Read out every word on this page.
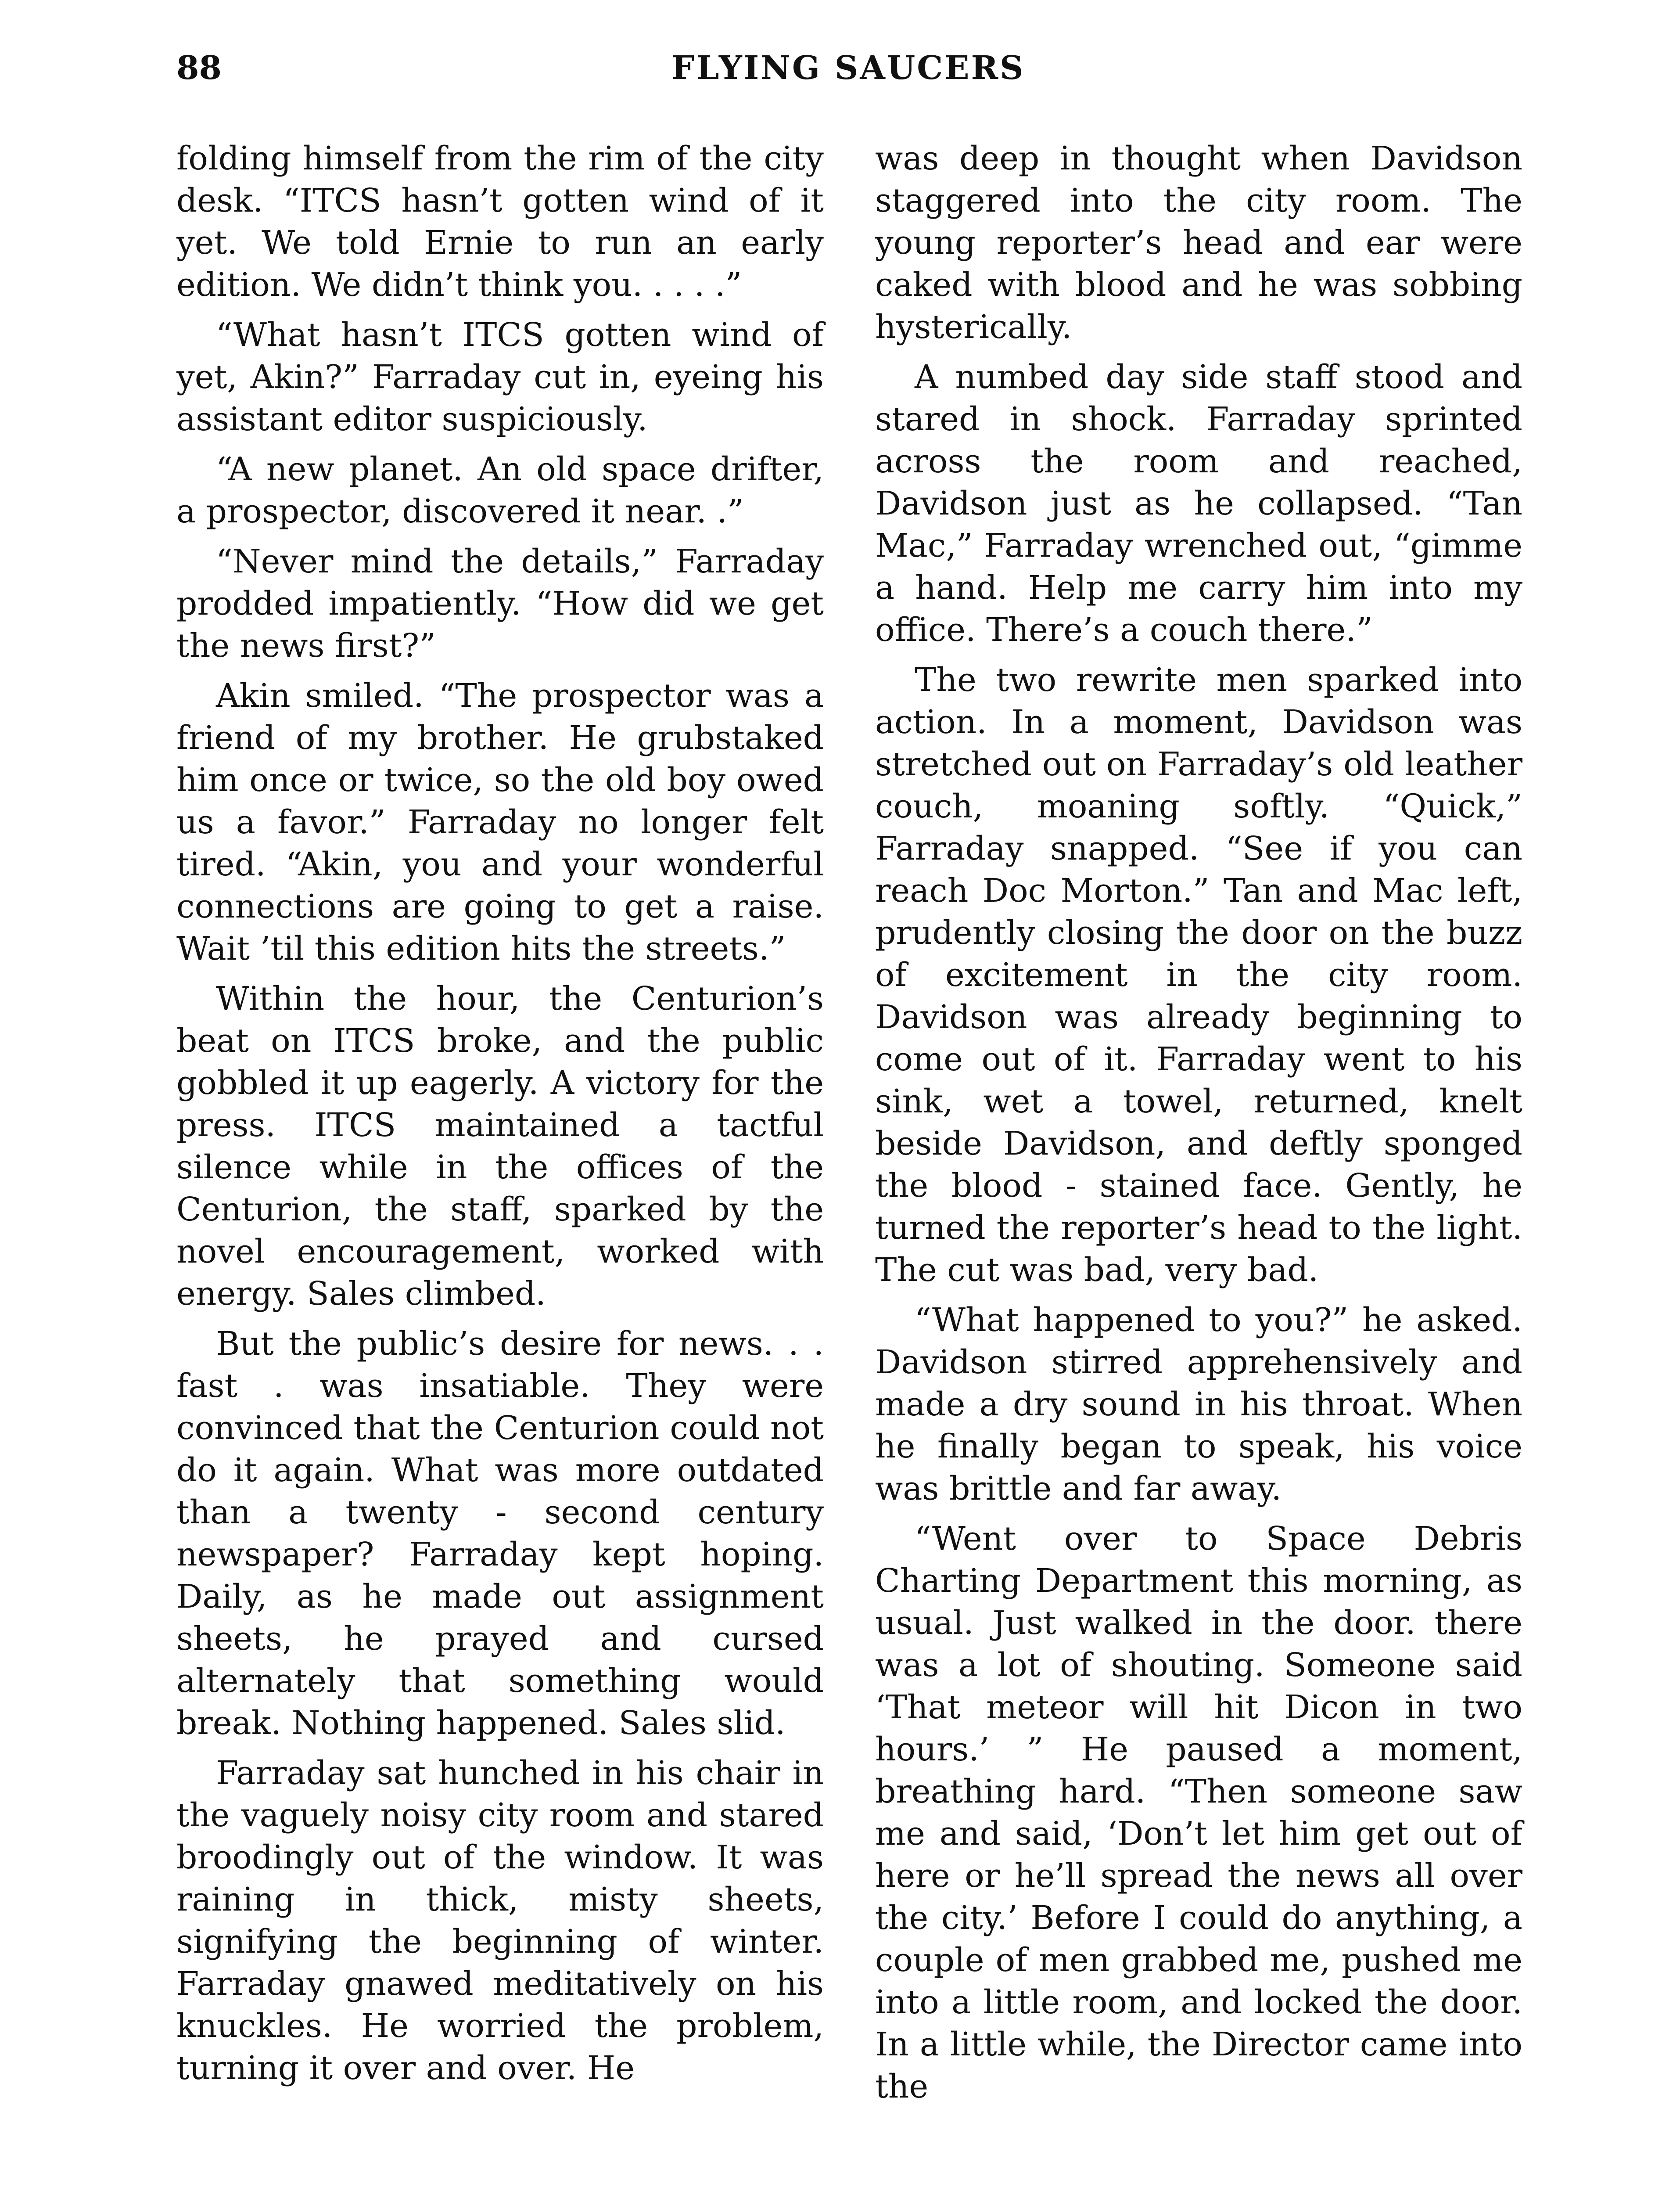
88	FLYING SAUCERS

folding himself from the rim of the city desk. “ITCS hasn’t gotten wind of it yet. We told Ernie to run an early edition. We didn’t think you. . . . .”

“What hasn’t ITCS gotten wind of yet, Akin?” Farraday cut in, eyeing his assistant editor suspiciously.

“A new planet. An old space drifter, a prospector, discovered it near. .”

“Never mind the details,” Farraday prodded impatiently. “How did we get the news first?”

Akin smiled. “The prospector was a friend of my brother. He grubstaked him once or twice, so the old boy owed us a favor.” Farraday no longer felt tired. “Akin, you and your wonderful connections are going to get a raise. Wait ’til this edition hits the streets.”

Within the hour, the Centurion’s beat on ITCS broke, and the public gobbled it up eagerly. A victory for the press. ITCS maintained a tactful silence while in the offices of the Centurion, the staff, sparked by the novel encouragement, worked with energy. Sales climbed.

But the public’s desire for news. . . fast . was insatiable. They were convinced that the Centurion could not do it again. What was more outdated than a twenty - second century newspaper? Farraday kept hoping. Daily, as he made out assignment sheets, he prayed and cursed alternately that something would break. Nothing happened. Sales slid.

Farraday sat hunched in his chair in the vaguely noisy city room and stared broodingly out of the window. It was raining in thick, misty sheets, signifying the beginning of winter. Farraday gnawed meditatively on his knuckles. He worried the problem, turning it over and over. He

was deep in thought when Davidson staggered into the city room. The young reporter’s head and ear were caked with blood and he was sobbing hysterically.

A numbed day side staff stood and stared in shock. Farraday sprinted across the room and reached, Davidson just as he collapsed. “Tan Mac,” Farraday wrenched out, “gimme a hand. Help me carry him into my office. There’s a couch there.”

The two rewrite men sparked into action. In a moment, Davidson was stretched out on Farraday’s old leather couch, moaning softly. “Quick,” Farraday snapped. “See if you can reach Doc Morton.” Tan and Mac left, prudently closing the door on the buzz of excitement in the city room. Davidson was already beginning to come out of it. Farraday went to his sink, wet a towel, returned, knelt beside Davidson, and deftly sponged the blood - stained face. Gently, he turned the reporter’s head to the light. The cut was bad, very bad.

“What happened to you?” he asked. Davidson stirred apprehensively and made a dry sound in his throat. When he finally began to speak, his voice was brittle and far away.

“Went over to Space Debris Charting Department this morning, as usual. Just walked in the door. there was a lot of shouting. Someone said ‘That meteor will hit Dicon in two hours.’ ” He paused a moment, breathing hard. “Then someone saw me and said, ‘Don’t let him get out of here or he’ll spread the news all over the city.’ Before I could do anything, a couple of men grabbed me, pushed me into a little room, and locked the door. In a little while, the Director came into the
